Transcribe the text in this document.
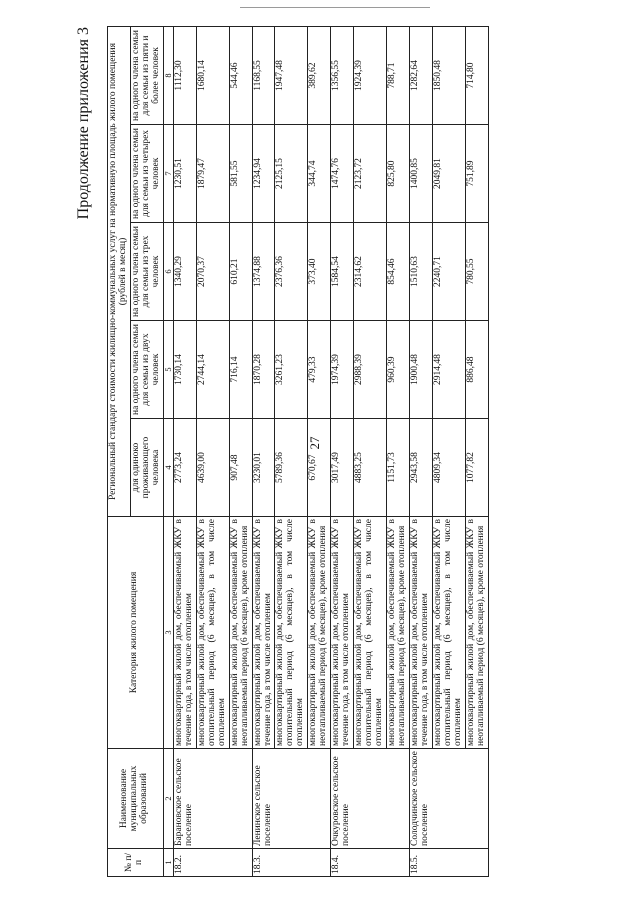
27
Продолжение приложения 3
№ п/п	Наименование муниципальных образований	Категория жилого помещения	Региональный стандарт стоимости жилищно-коммунальных услуг на нормативную площадь жилого помещения (рублей в месяц)				
			для одиноко проживающего человека	на одного члена семьи для семьи из двух человек	на одного члена семьи для семьи из трех человек	на одного члена семьи для семьи из четырех человек	на одного члена семьи для семьи из пяти и более человек
1	2	3	4	5	6	7	8
18.2.	Барановское сельское поселение	многоквартирный жилой дом, обеспечиваемый ЖКУ в течение года, в том числе отоплением	2773,24	1730,14	1340,29	1230,51	1112,30
		многоквартирный жилой дом, обеспечиваемый ЖКУ в отопительный период (6 месяцев), в том числе отоплением	4639,00	2744,14	2070,37	1879,47	1680,14
		многоквартирный жилой дом, обеспечиваемый ЖКУ в неотапливаемый период (6 месяцев), кроме отопления	907,48	716,14	610,21	581,55	544,46
18.3.	Ленинское сельское поселение	многоквартирный жилой дом, обеспечиваемый ЖКУ в течение года, в том числе отоплением	3230,01	1870,28	1374,88	1234,94	1168,55
		многоквартирный жилой дом, обеспечиваемый ЖКУ в отопительный период (6 месяцев), в том числе отоплением	5789,36	3261,23	2376,36	2125,15	1947,48
		многоквартирный жилой дом, обеспечиваемый ЖКУ в неотапливаемый период (6 месяцев), кроме отопления	670,67	479,33	373,40	344,74	389,62
18.4.	Очкуровское сельское поселение	многоквартирный жилой дом, обеспечиваемый ЖКУ в течение года, в том числе отоплением	3017,49	1974,39	1584,54	1474,76	1356,55
		многоквартирный жилой дом, обеспечиваемый ЖКУ в отопительный период (6 месяцев), в том числе отоплением	4883,25	2988,39	2314,62	2123,72	1924,39
		многоквартирный жилой дом, обеспечиваемый ЖКУ в неотапливаемый период (6 месяцев), кроме отопления	1151,73	960,39	854,46	825,80	788,71
18.5.	Солодчинское сельское поселение	многоквартирный жилой дом, обеспечиваемый ЖКУ в течение года, в том числе отоплением	2943,58	1900,48	1510,63	1400,85	1282,64
		многоквартирный жилой дом, обеспечиваемый ЖКУ в отопительный период (6 месяцев), в том числе отоплением	4809,34	2914,48	2240,71	2049,81	1850,48
		многоквартирный жилой дом, обеспечиваемый ЖКУ в неотапливаемый период (6 месяцев), кроме отопления	1077,82	886,48	780,55	751,89	714,80
